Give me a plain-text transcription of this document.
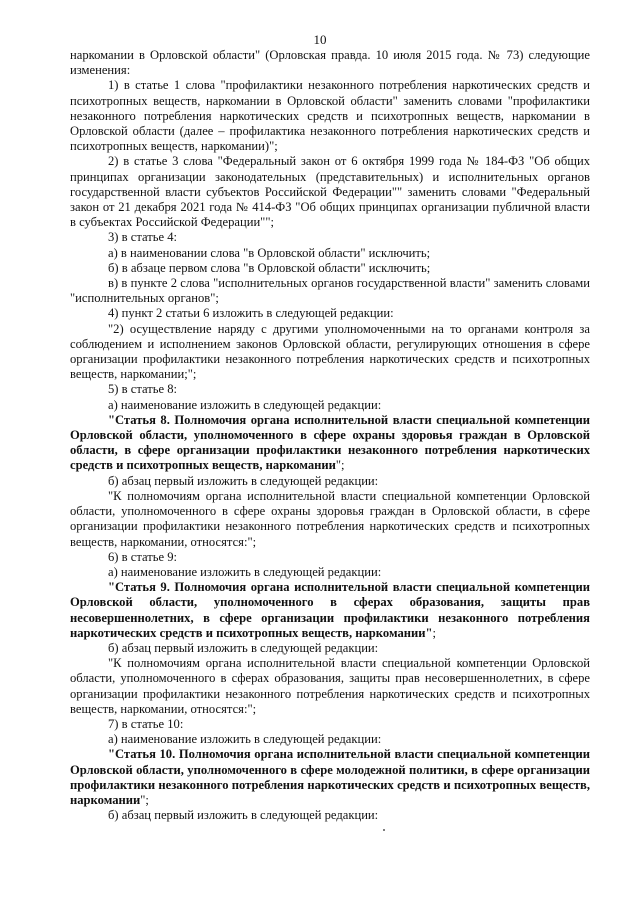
10

наркомании в Орловской области" (Орловская правда. 10 июля 2015 года. № 73) следующие изменения:

1) в статье 1 слова "профилактики незаконного потребления наркотических средств и психотропных веществ, наркомании в Орловской области" заменить словами "профилактики незаконного потребления наркотических средств и психотропных веществ, наркомании в Орловской области (далее – профилактика незаконного потребления наркотических средств и психотропных веществ, наркомании)";

2) в статье 3 слова "Федеральный закон от 6 октября 1999 года № 184-ФЗ "Об общих принципах организации законодательных (представительных) и исполнительных органов государственной власти субъектов Российской Федерации"" заменить словами "Федеральный закон от 21 декабря 2021 года № 414-ФЗ "Об общих принципах организации публичной власти в субъектах Российской Федерации"";

3) в статье 4:

а) в наименовании слова "в Орловской области" исключить;

б) в абзаце первом слова "в Орловской области" исключить;

в) в пункте 2 слова "исполнительных органов государственной власти" заменить словами "исполнительных органов";

4) пункт 2 статьи 6 изложить в следующей редакции:

"2) осуществление наряду с другими уполномоченными на то органами контроля за соблюдением и исполнением законов Орловской области, регулирующих отношения в сфере организации профилактики незаконного потребления наркотических средств и психотропных веществ, наркомании;";

5) в статье 8:

а) наименование изложить в следующей редакции:

"Статья 8. Полномочия органа исполнительной власти специальной компетенции Орловской области, уполномоченного в сфере охраны здоровья граждан в Орловской области, в сфере организации профилактики незаконного потребления наркотических средств и психотропных веществ, наркомании";

б) абзац первый изложить в следующей редакции:

"К полномочиям органа исполнительной власти специальной компетенции Орловской области, уполномоченного в сфере охраны здоровья граждан в Орловской области, в сфере организации профилактики незаконного потребления наркотических средств и психотропных веществ, наркомании, относятся:";

6) в статье 9:

а) наименование изложить в следующей редакции:

"Статья 9. Полномочия органа исполнительной власти специальной компетенции Орловской области, уполномоченного в сферах образования, защиты прав несовершеннолетних, в сфере организации профилактики незаконного потребления наркотических средств и психотропных веществ, наркомании";

б) абзац первый изложить в следующей редакции:

"К полномочиям органа исполнительной власти специальной компетенции Орловской области, уполномоченного в сферах образования, защиты прав несовершеннолетних, в сфере организации профилактики незаконного потребления наркотических средств и психотропных веществ, наркомании, относятся:";

7) в статье 10:

а) наименование изложить в следующей редакции:

"Статья 10. Полномочия органа исполнительной власти специальной компетенции Орловской области, уполномоченного в сфере молодежной политики, в сфере организации профилактики незаконного потребления наркотических средств и психотропных веществ, наркомании";

б) абзац первый изложить в следующей редакции:
